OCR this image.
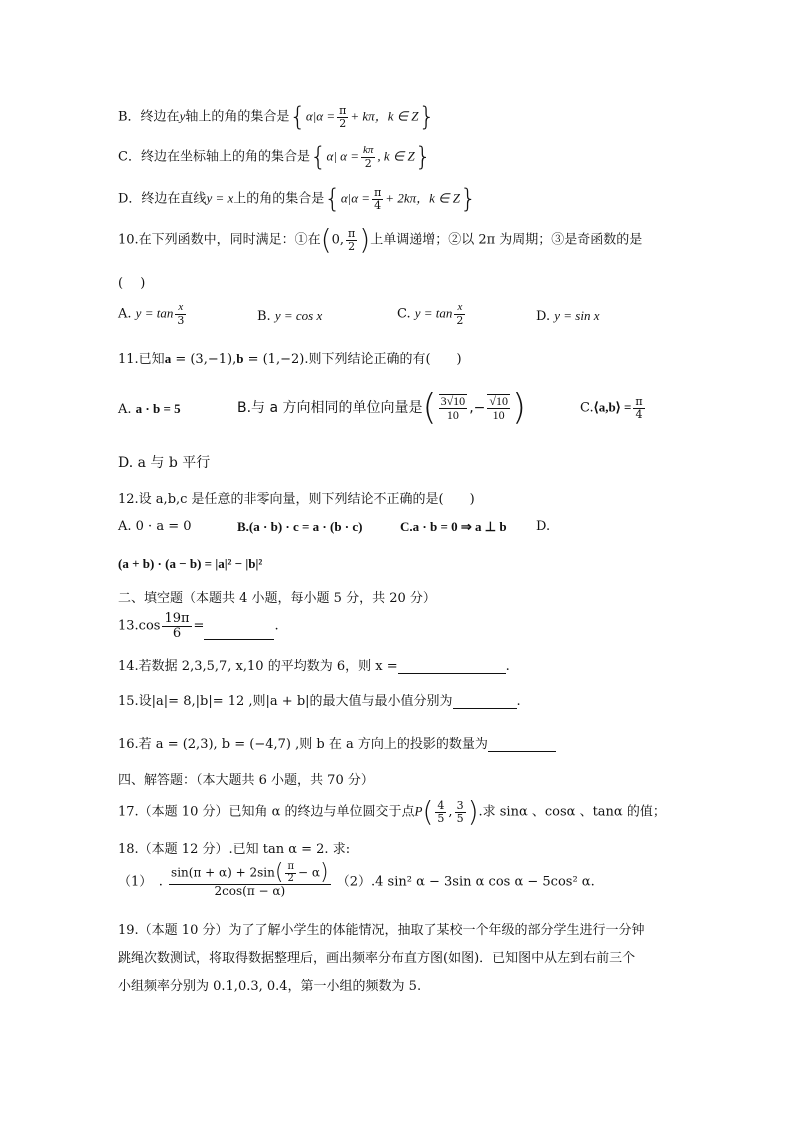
B．终边在y轴上的角的集合是{$\alpha|\alpha = \frac{\pi}{2} + k\pi$，k ∈ Z}
C．终边在坐标轴上的角的集合是{α| $\alpha = \frac{k\pi}{2}$ , k ∈ Z}
D．终边在直线y = x上的角的集合是{$\alpha|\alpha = \frac{\pi}{4} + 2k\pi$，k ∈ Z}
10.在下列函数中，同时满足：①在(0, $\frac{\pi}{2}$ )上单调递增；②以 2π 为周期；③是奇函数的是
(　 )
A. $y = \tan \frac{x}{3}$	B. y = cos x	C. $y = \tan \frac{x}{2}$	D. y = sin x
11.已知a = (3,−1),b = (1,−2).则下列结论正确的有(　　)
A. a · b = 5	B.与 a 方向相同的单位向量是( $\frac{3√10}{10}$ ,− $\frac{√10}{10}$ )	C.⟨a,b⟩ = $\frac{\pi}{4}$
D. a 与 b 平行
12.设 a,b,c 是任意的非零向量，则下列结论不正确的是(　　)
A. 0 · a = 0	B.(a · b) · c = a · (b · c)	C.a · b = 0 ⇒ a ⊥ b D.
(a + b) · (a − b) = |a|² − |b|²
二、填空题（本题共 4 小题，每小题 5 分，共 20 分）
$13.\cos \frac{19\pi}{6}$ =	.
14.若数据 2,3,5,7, x,10 的平均数为 6，则 x =	.
15.设|a|= 8,|b|= 12 ,则|a + b|的最大值与最小值分别为	.
16.若 a = (2,3), b = (−4,7) ,则 b 在 a 方向上的投影的数量为
四、解答题：（本大题共 6 小题，共 70 分）
17.（本题 10 分）已知角 α 的终边与单位圆交于点$P( \frac{4}{5}$ , $\frac{3}{5}$ ).求 sinα 、cosα 、tanα 的值；
18.（本题 12 分）.已知 tan α = 2. 求:
（1）　. $\frac{\sin(\pi + \alpha) + 2\sin( \frac{\pi}{2} - \alpha)}{2\cos(\pi - \alpha)} (2).4$ sin² α − 3sin α cos α − 5cos² α.
19.（本题 10 分）为了了解小学生的体能情况，抽取了某校一个年级的部分学生进行一分钟
跳绳次数测试，将取得数据整理后，画出频率分布直方图(如图)．已知图中从左到右前三个
小组频率分别为 0.1,0.3, 0.4，第一小组的频数为 5.
